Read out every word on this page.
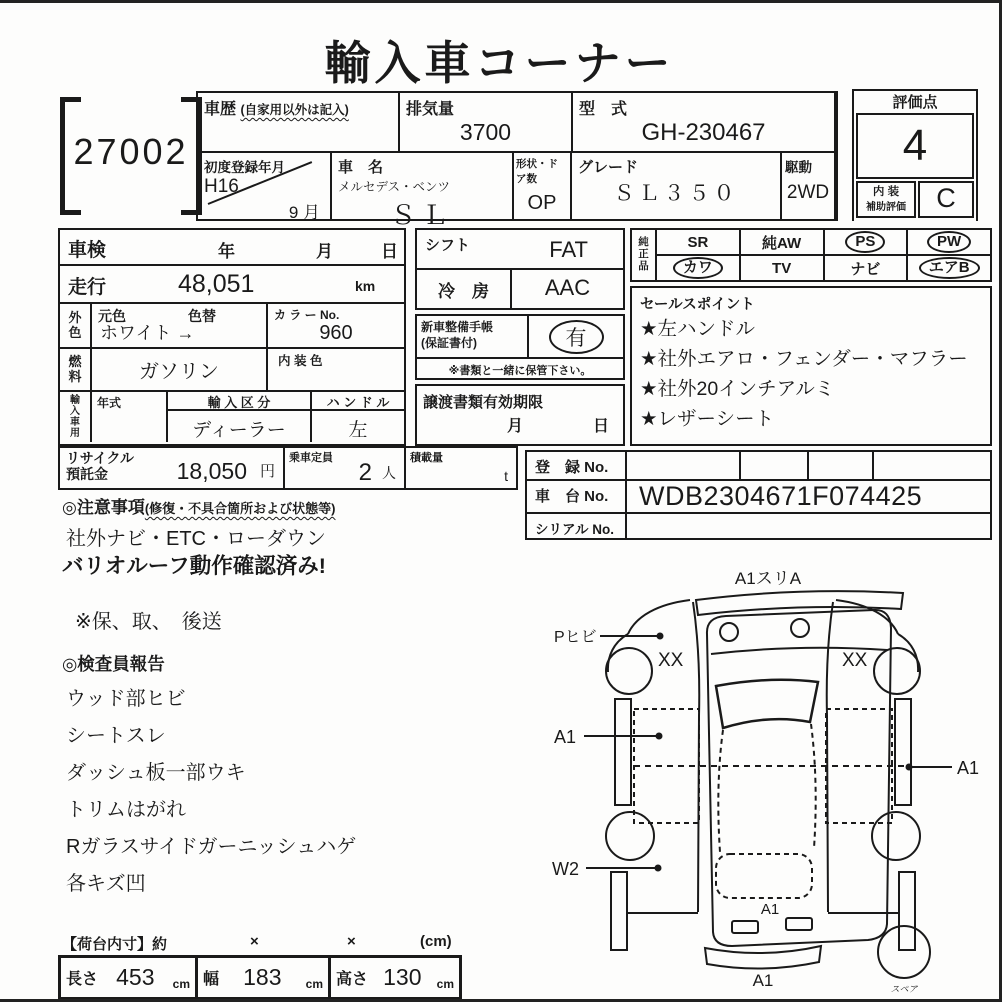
輸入車コーナー
27002
車歴 (自家用以外は記入)	排気量
3700
型　式
GH-230467
初度登録年月
H16
9 月
車　名
メルセデス・ベンツ
ＳＬ
形状・ドア数
OP
グレード
ＳＬ３５０
駆動
2WD
評価点
4
内 装
補助評価	C
車検	年	月	日
走行	48,051	km
外色
元色	色替
ホワイト →
カ ラ ー No.
960
燃料	ガソリン	内 装 色
輸入車用
年式	輸 入 区 分
ディーラー
ハ ン ド ル
左
リサイクル
預託金	18,050 円
乗車定員
2 人
積載量
t
シフト	FAT
冷　房	AAC
新車整備手帳
(保証書付)	有
※書類と一緒に保管下さい。
譲渡書類有効期限
月	日
純正品
SR	純AW	PS	PW
カワ	TV	ナビ	エアB
セールスポイント
★左ハンドル
★社外エアロ・フェンダー・マフラー
★社外20インチアルミ
★レザーシート
登　録 No.
車　台 No.	WDB2304671F074425
シリアル No.
◎注意事項(修復・不具合箇所および状態等)
社外ナビ・ETC・ローダウン
バリオルーフ動作確認済み!
※保、取、　後送
◎検査員報告
ウッド部ヒビ
シートスレ
ダッシュ板一部ウキ
トリムはがれ
Rガラスサイドガーニッシュハゲ
各キズ凹
【荷台内寸】約	×	×	(cm)
長さ 453	cm 幅	183	cm 高さ 130	cm
A1スリA
Pヒビ
XX	XX
A1
A1
W2
A1
A1	スペア
